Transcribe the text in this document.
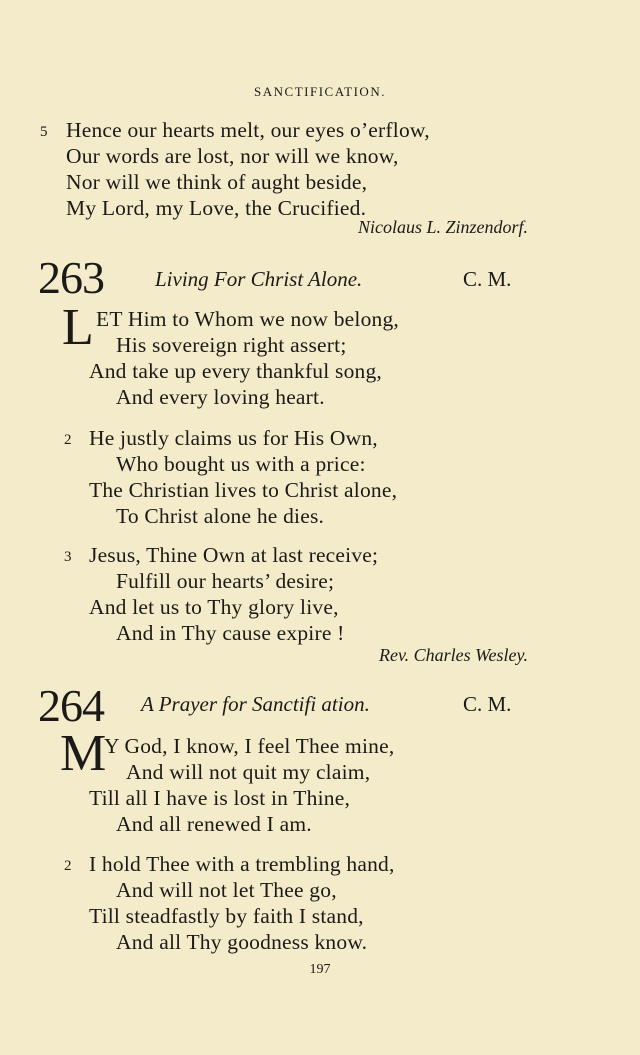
SANCTIFICATION.
5 Hence our hearts melt, our eyes o’erflow,
Our words are lost, nor will we know,
Nor will we think of aught beside,
My Lord, my Love, the Crucified.
Nicolaus L. Zinzendorf.
263 Living For Christ Alone.	C. M.
L ET Him to Whom we now belong,
His sovereign right assert;
And take up every thankful song,
And every loving heart.
2 He justly claims us for His Own,
Who bought us with a price:
The Christian lives to Christ alone,
To Christ alone he dies.
3 Jesus, Thine Own at last receive;
Fulfill our hearts’ desire;
And let us to Thy glory live,
And in Thy cause expire !
Rev. Charles Wesley.
264 A Prayer for Sanctifi ation.	C. M.
M
Y God, I know, I feel Thee mine,
And will not quit my claim,
Till all I have is lost in Thine,
And all renewed I am.
2 I hold Thee with a trembling hand,
And will not let Thee go,
Till steadfastly by faith I stand,
And all Thy goodness know.
197
